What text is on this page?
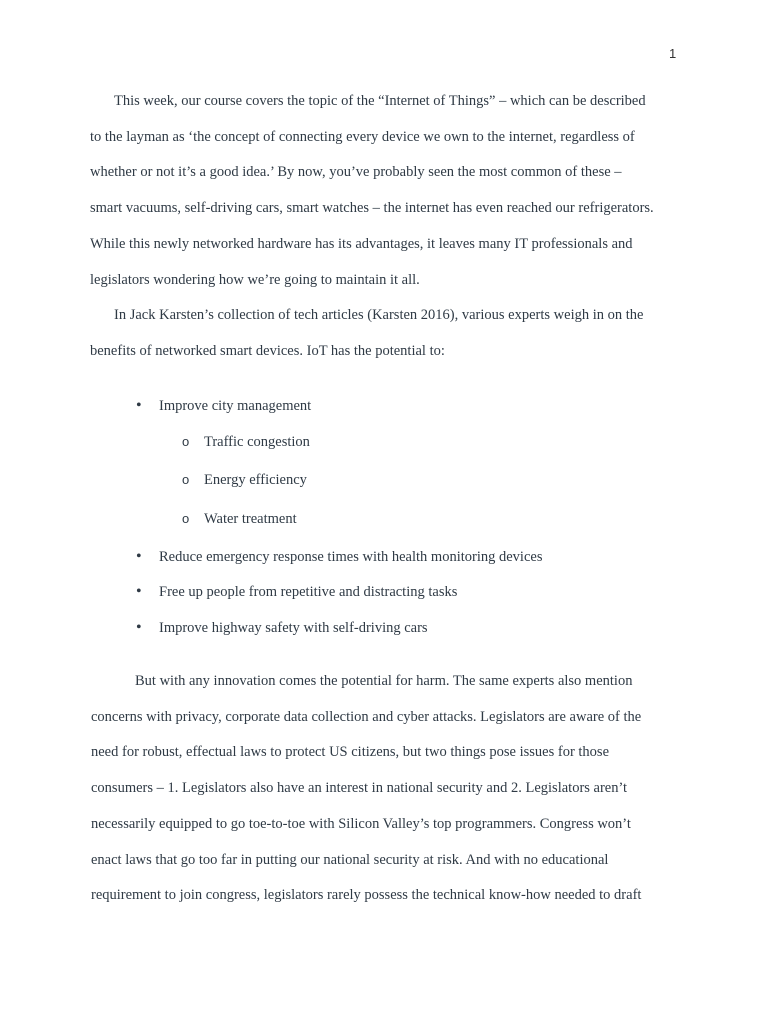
1
This week, our course covers the topic of the “Internet of Things” – which can be described
to the layman as ‘the concept of connecting every device we own to the internet, regardless of
whether or not it’s a good idea.’ By now, you’ve probably seen the most common of these –
smart vacuums, self-driving cars, smart watches – the internet has even reached our refrigerators.
While this newly networked hardware has its advantages, it leaves many IT professionals and
legislators wondering how we’re going to maintain it all.
In Jack Karsten’s collection of tech articles (Karsten 2016), various experts weigh in on the
benefits of networked smart devices. IoT has the potential to:
•	Improve city management
o Traffic congestion
o Energy efficiency
o Water treatment
•	Reduce emergency response times with health monitoring devices
•	Free up people from repetitive and distracting tasks
•	Improve highway safety with self-driving cars
But with any innovation comes the potential for harm. The same experts also mention
concerns with privacy, corporate data collection and cyber attacks. Legislators are aware of the
need for robust, effectual laws to protect US citizens, but two things pose issues for those
consumers – 1. Legislators also have an interest in national security and 2. Legislators aren’t
necessarily equipped to go toe-to-toe with Silicon Valley’s top programmers. Congress won’t
enact laws that go too far in putting our national security at risk. And with no educational
requirement to join congress, legislators rarely possess the technical know-how needed to draft
